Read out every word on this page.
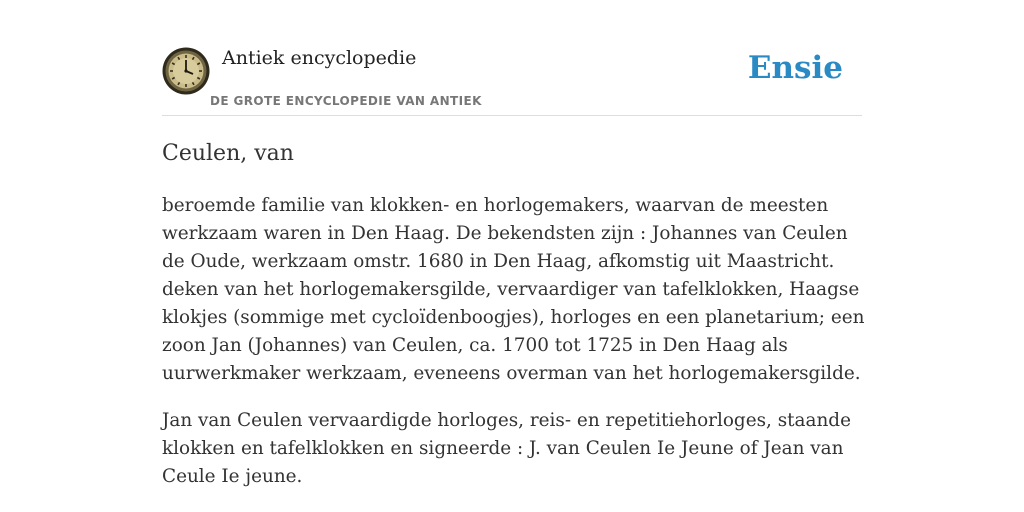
Antiek encyclopedie
DE GROTE ENCYCLOPEDIE VAN ANTIEK
Ensie
Ceulen, van

beroemde familie van klokken- en horlogemakers, waarvan de meesten werkzaam waren in Den Haag. De bekendsten zijn : Johannes van Ceulen de Oude, werkzaam omstr. 1680 in Den Haag, afkomstig uit Maastricht. deken van het horlogemakersgilde, vervaardiger van tafelklokken, Haagse klokjes (sommige met cycloïdenboogjes), horloges en een planetarium; een zoon Jan (Johannes) van Ceulen, ca. 1700 tot 1725 in Den Haag als uurwerkmaker werkzaam, eveneens overman van het horlogemakersgilde.

Jan van Ceulen vervaardigde horloges, reis- en repetitiehorloges, staande klokken en tafelklokken en signeerde : J. van Ceulen Ie Jeune of Jean van Ceule Ie jeune.
